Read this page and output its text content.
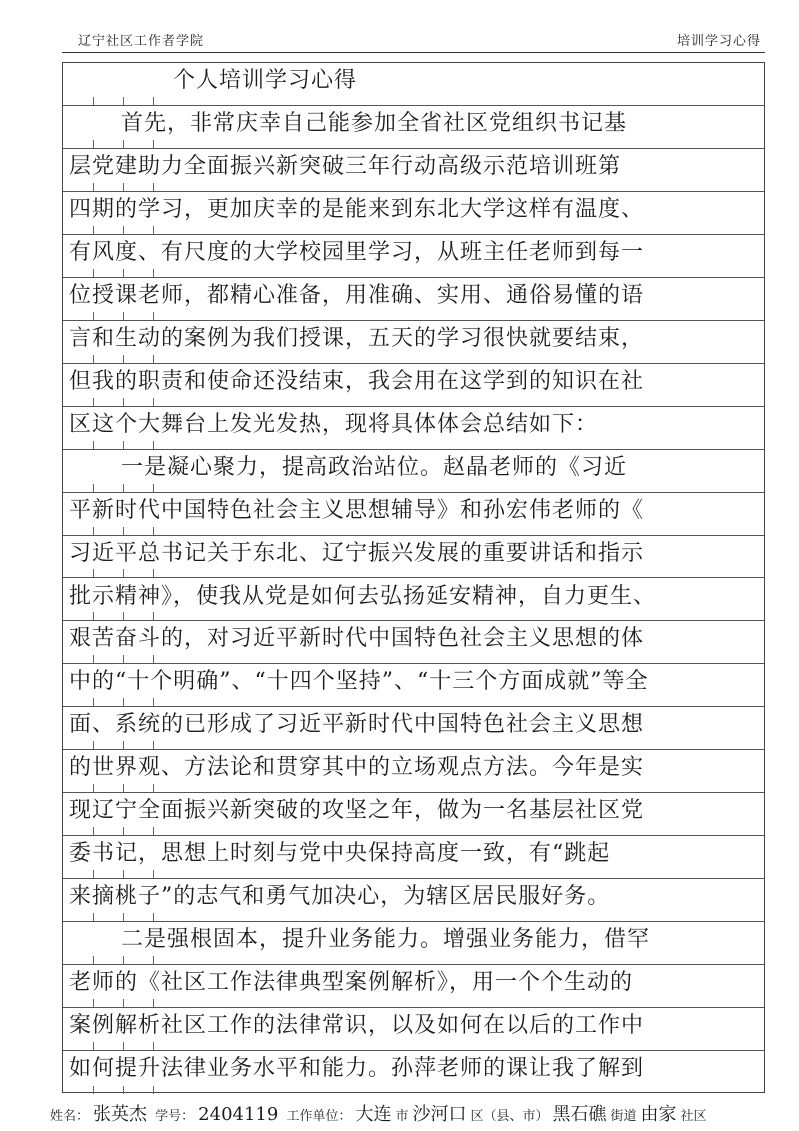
辽宁社区工作者学院	培训学习心得
个人培训学习心得
首先，非常庆幸自己能参加全省社区党组织书记基
层党建助力全面振兴新突破三年行动高级示范培训班第
四期的学习，更加庆幸的是能来到东北大学这样有温度、
有风度、有尺度的大学校园里学习，从班主任老师到每一
位授课老师，都精心准备，用准确、实用、通俗易懂的语
言和生动的案例为我们授课，五天的学习很快就要结束，
但我的职责和使命还没结束，我会用在这学到的知识在社
区这个大舞台上发光发热，现将具体体会总结如下：
一是凝心聚力，提高政治站位。赵晶老师的《习近
平新时代中国特色社会主义思想辅导》和孙宏伟老师的《
习近平总书记关于东北、辽宁振兴发展的重要讲话和指示
批示精神》，使我从党是如何去弘扬延安精神，自力更生、
艰苦奋斗的，对习近平新时代中国特色社会主义思想的体
中的“十个明确”、“十四个坚持”、“十三个方面成就”等全
面、系统的已形成了习近平新时代中国特色社会主义思想
的世界观、方法论和贯穿其中的立场观点方法。今年是实
现辽宁全面振兴新突破的攻坚之年，做为一名基层社区党
委书记，思想上时刻与党中央保持高度一致，有“跳起
来摘桃子”的志气和勇气加决心，为辖区居民服好务。
二是强根固本，提升业务能力。增强业务能力，借罕
老师的《社区工作法律典型案例解析》，用一个个生动的
案例解析社区工作的法律常识，以及如何在以后的工作中
如何提升法律业务水平和能力。孙萍老师的课让我了解到
姓名： 张英杰 学号： 2404119 工作单位： 大连 市 沙河口 区（县、市） 黑石礁 街道 由家 社区
